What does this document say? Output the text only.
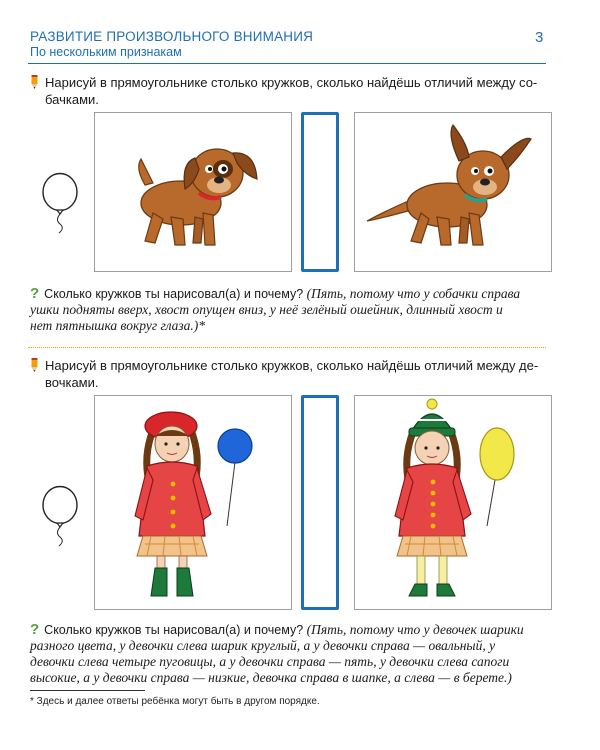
РАЗВИТИЕ ПРОИЗВОЛЬНОГО ВНИМАНИЯ
По нескольким признакам
3
Нарисуй в прямоугольнике столько кружков, сколько найдёшь отличий между со-
бачками.
? Сколько кружков ты нарисовал(а) и почему? (Пять, потому что у собачки справа
ушки подняты вверх, хвост опущен вниз, у неё зелёный ошейник, длинный хвост и
нет пятнышка вокруг глаза.)*
Нарисуй в прямоугольнике столько кружков, сколько найдёшь отличий между де-
вочками.
? Сколько кружков ты нарисовал(а) и почему? (Пять, потому что у девочек шарики
разного цвета, у девочки слева шарик круглый, а у девочки справа — овальный, у
девочки слева четыре пуговицы, а у девочки справа — пять, у девочки слева сапоги
высокие, а у девочки справа — низкие, девочка справа в шапке, а слева — в берете.)
* Здесь и далее ответы ребёнка могут быть в другом порядке.
